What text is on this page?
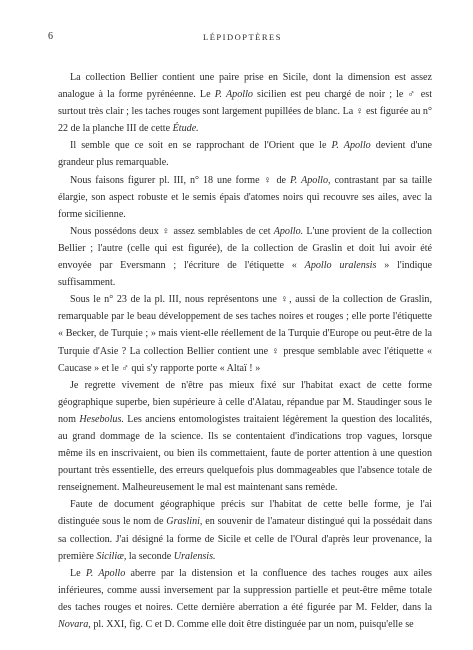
6	LÉPIDOPTÈRES

La collection Bellier contient une paire prise en Sicile, dont la dimension est assez analogue à la forme pyrénéenne. Le P. Apollo sicilien est peu chargé de noir ; le ♂ est surtout très clair ; les taches rouges sont largement pupillées de blanc. La ♀ est figurée au n° 22 de la planche III de cette Étude.

Il semble que ce soit en se rapprochant de l'Orient que le P. Apollo devient d'une grandeur plus remarquable.

Nous faisons figurer pl. III, n° 18 une forme ♀ de P. Apollo, contrastant par sa taille élargie, son aspect robuste et le semis épais d'atomes noirs qui recouvre ses ailes, avec la forme sicilienne.

Nous possédons deux ♀ assez semblables de cet Apollo. L'une provient de la collection Bellier ; l'autre (celle qui est figurée), de la collection de Graslin et doit lui avoir été envoyée par Eversmann ; l'écriture de l'étiquette « Apollo uralensis » l'indique suffisamment.

Sous le n° 23 de la pl. III, nous représentons une ♀, aussi de la collection de Graslin, remarquable par le beau développement de ses taches noires et rouges ; elle porte l'étiquette « Becker, de Turquie ; » mais vient-elle réellement de la Turquie d'Europe ou peut-être de la Turquie d'Asie ? La collection Bellier contient une ♀ presque semblable avec l'étiquette « Caucase » et le ♂ qui s'y rapporte porte « Altaï ! »

Je regrette vivement de n'être pas mieux fixé sur l'habitat exact de cette forme géographique superbe, bien supérieure à celle d'Alatau, répandue par M. Staudinger sous le nom Hesebolus. Les anciens entomologistes traitaient légèrement la question des localités, au grand dommage de la science. Ils se contentaient d'indications trop vagues, lorsque même ils en inscrivaient, ou bien ils commettaient, faute de porter attention à une question pourtant très essentielle, des erreurs quelquefois plus dommageables que l'absence totale de renseignement. Malheureusement le mal est maintenant sans remède.

Faute de document géographique précis sur l'habitat de cette belle forme, je l'ai distinguée sous le nom de Graslini, en souvenir de l'amateur distingué qui la possédait dans sa collection. J'ai désigné la forme de Sicile et celle de l'Oural d'après leur provenance, la première Siciliæ, la seconde Uralensis.

Le P. Apollo aberre par la distension et la confluence des taches rouges aux ailes inférieures, comme aussi inversement par la suppression partielle et peut-être même totale des taches rouges et noires. Cette dernière aberration a été figurée par M. Felder, dans la Novara, pl. XXI, fig. C et D. Comme elle doit être distinguée par un nom, puisqu'elle se
